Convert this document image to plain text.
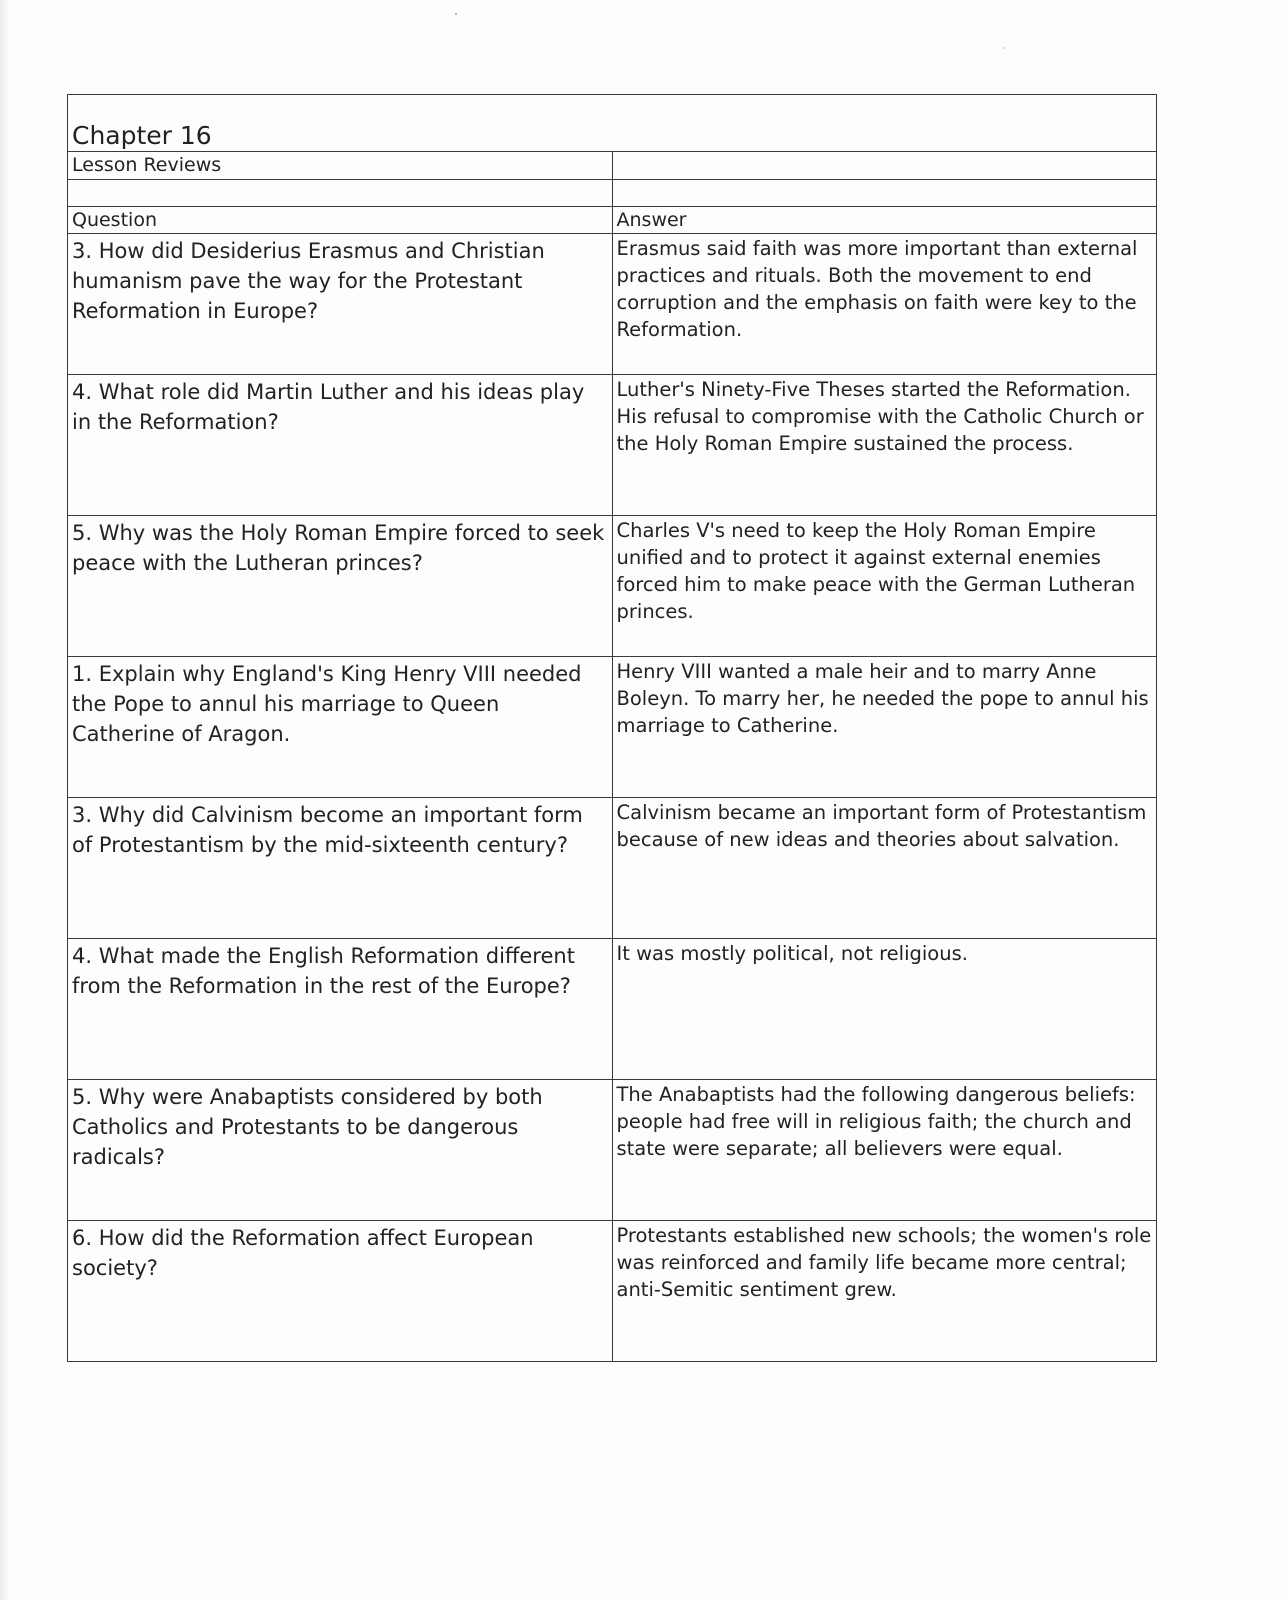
Chapter 16	
Lesson Reviews	

Question	Answer

3. How did Desiderius Erasmus and Christian humanism pave the way for the Protestant Reformation in Europe?	Erasmus said faith was more important than external practices and rituals. Both the movement to end corruption and the emphasis on faith were key to the Reformation.

4. What role did Martin Luther and his ideas play in the Reformation?	Luther's Ninety-Five Theses started the Reformation. His refusal to compromise with the Catholic Church or the Holy Roman Empire sustained the process.

5. Why was the Holy Roman Empire forced to seek peace with the Lutheran princes?	Charles V's need to keep the Holy Roman Empire unified and to protect it against external enemies forced him to make peace with the German Lutheran princes.

1. Explain why England's King Henry VIII needed the Pope to annul his marriage to Queen Catherine of Aragon.	Henry VIII wanted a male heir and to marry Anne Boleyn. To marry her, he needed the pope to annul his marriage to Catherine.

3. Why did Calvinism become an important form of Protestantism by the mid-sixteenth century?	Calvinism became an important form of Protestantism because of new ideas and theories about salvation.

4. What made the English Reformation different from the Reformation in the rest of the Europe?	It was mostly political, not religious.

5. Why were Anabaptists considered by both Catholics and Protestants to be dangerous radicals?	The Anabaptists had the following dangerous beliefs: people had free will in religious faith; the church and state were separate; all believers were equal.

6. How did the Reformation affect European society?	Protestants established new schools; the women's role was reinforced and family life became more central; anti-Semitic sentiment grew.
